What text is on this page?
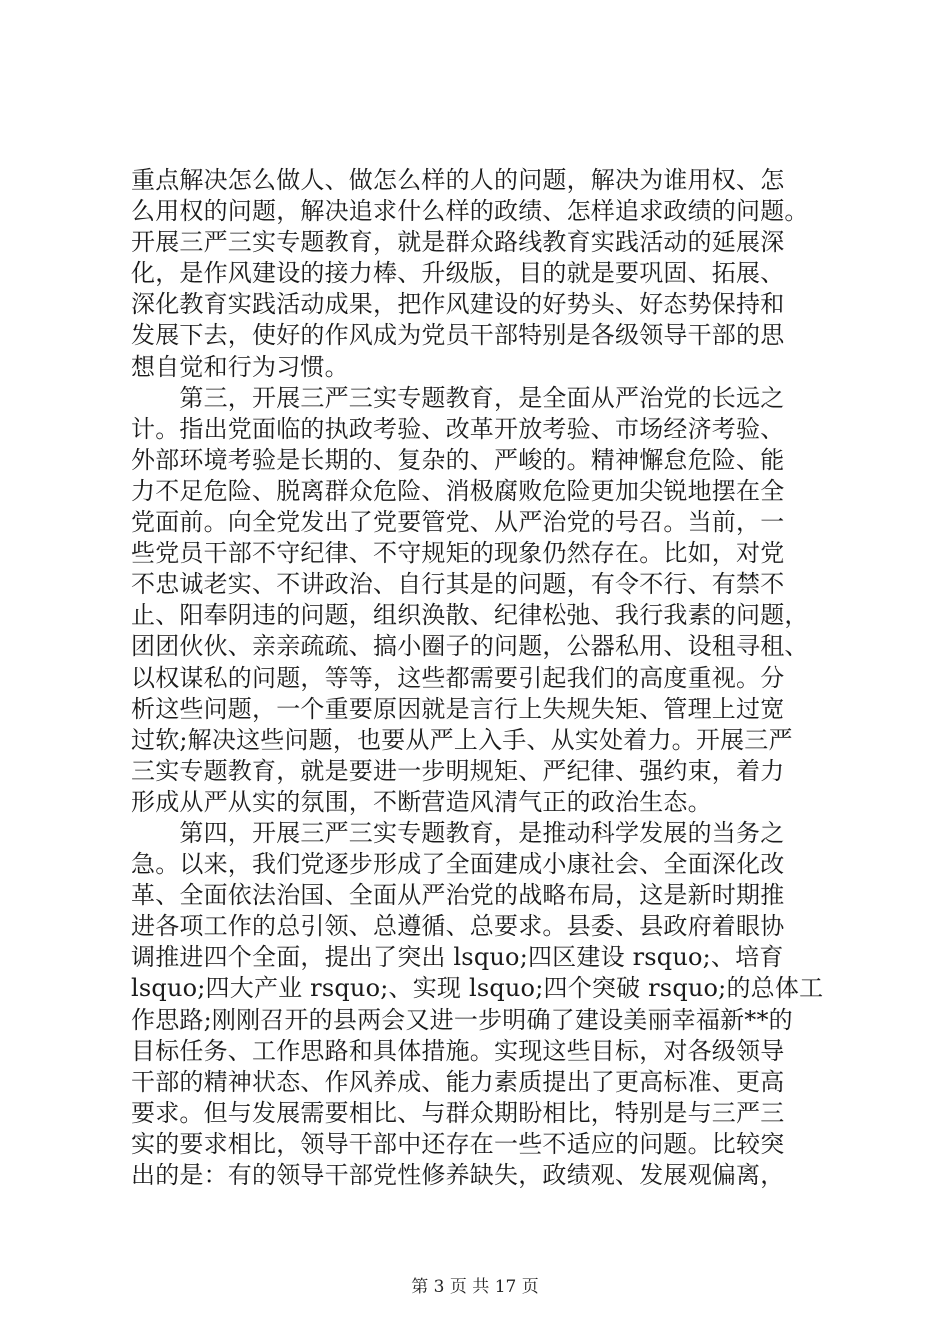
重点解决怎么做人、做怎么样的人的问题，解决为谁用权、怎
么用权的问题，解决追求什么样的政绩、怎样追求政绩的问题。
开展三严三实专题教育，就是群众路线教育实践活动的延展深
化，是作风建设的接力棒、升级版，目的就是要巩固、拓展、
深化教育实践活动成果，把作风建设的好势头、好态势保持和
发展下去，使好的作风成为党员干部特别是各级领导干部的思
想自觉和行为习惯。
　　第三，开展三严三实专题教育，是全面从严治党的长远之
计。指出党面临的执政考验、改革开放考验、市场经济考验、
外部环境考验是长期的、复杂的、严峻的。精神懈怠危险、能
力不足危险、脱离群众危险、消极腐败危险更加尖锐地摆在全
党面前。向全党发出了党要管党、从严治党的号召。当前，一
些党员干部不守纪律、不守规矩的现象仍然存在。比如，对党
不忠诚老实、不讲政治、自行其是的问题，有令不行、有禁不
止、阳奉阴违的问题，组织涣散、纪律松弛、我行我素的问题，
团团伙伙、亲亲疏疏、搞小圈子的问题，公器私用、设租寻租、
以权谋私的问题，等等，这些都需要引起我们的高度重视。分
析这些问题，一个重要原因就是言行上失规失矩、管理上过宽
过软;解决这些问题，也要从严上入手、从实处着力。开展三严
三实专题教育，就是要进一步明规矩、严纪律、强约束，着力
形成从严从实的氛围，不断营造风清气正的政治生态。
　　第四，开展三严三实专题教育，是推动科学发展的当务之
急。以来，我们党逐步形成了全面建成小康社会、全面深化改
革、全面依法治国、全面从严治党的战略布局，这是新时期推
进各项工作的总引领、总遵循、总要求。县委、县政府着眼协
调推进四个全面，提出了突出 lsquo;四区建设 rsquo;、培育
lsquo;四大产业 rsquo;、实现 lsquo;四个突破 rsquo;的总体工
作思路;刚刚召开的县两会又进一步明确了建设美丽幸福新**的
目标任务、工作思路和具体措施。实现这些目标，对各级领导
干部的精神状态、作风养成、能力素质提出了更高标准、更高
要求。但与发展需要相比、与群众期盼相比，特别是与三严三
实的要求相比，领导干部中还存在一些不适应的问题。比较突
出的是：有的领导干部党性修养缺失，政绩观、发展观偏离，
第 3 页 共 17 页
